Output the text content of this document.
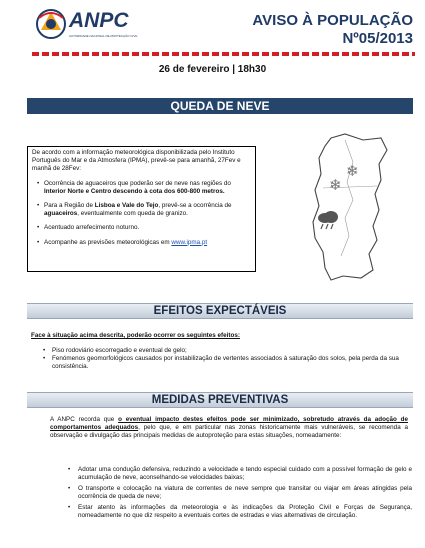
ANPC
AUTORIDADE NACIONAL DE PROTECÇÃO CIVIL
AVISO À POPULAÇÃO
Nº05/2013
26 de fevereiro | 18h30
QUEDA DE NEVE

De acordo com a informação meteorológica disponibilizada pelo Instituto Português do Mar e da Atmosfera (IPMA), prevê-se para amanhã, 27Fev e manhã de 28Fev:

• Ocorrência de aguaceiros que poderão ser de neve nas regiões do Interior Norte e Centro descendo à cota dos 600-800 metros.
• Para a Região de Lisboa e Vale do Tejo, prevê-se a ocorrência de aguaceiros, eventualmente com queda de granizo.
• Acentuado arrefecimento noturno.
• Acompanhe as previsões meteorológicas em www.ipma.pt
❄
❄
EFEITOS EXPECTÁVEIS
Face à situação acima descrita, poderão ocorrer os seguintes efeitos:
• Piso rodoviário escorregadio e eventual de gelo;
• Fenómenos geomorfológicos causados por instabilização de vertentes associados à saturação dos solos, pela perda da sua consistência.
MEDIDAS PREVENTIVAS

A ANPC recorda que o eventual impacto destes efeitos pode ser minimizado, sobretudo através da adoção de comportamentos adequados, pelo que, e em particular nas zonas historicamente mais vulneráveis, se recomenda a observação e divulgação das principais medidas de autoproteção para estas situações, nomeadamente:

• Adotar uma condução defensiva, reduzindo a velocidade e tendo especial cuidado com a possível formação de gelo e acumulação de neve, aconselhando-se velocidades baixas;
• O transporte e colocação na viatura de correntes de neve sempre que transitar ou viajar em áreas atingidas pela ocorrência de queda de neve;
• Estar atento às informações da meteorologia e às indicações da Proteção Civil e Forças de Segurança, nomeadamente no que diz respeito a eventuais cortes de estradas e vias alternativas de circulação.
